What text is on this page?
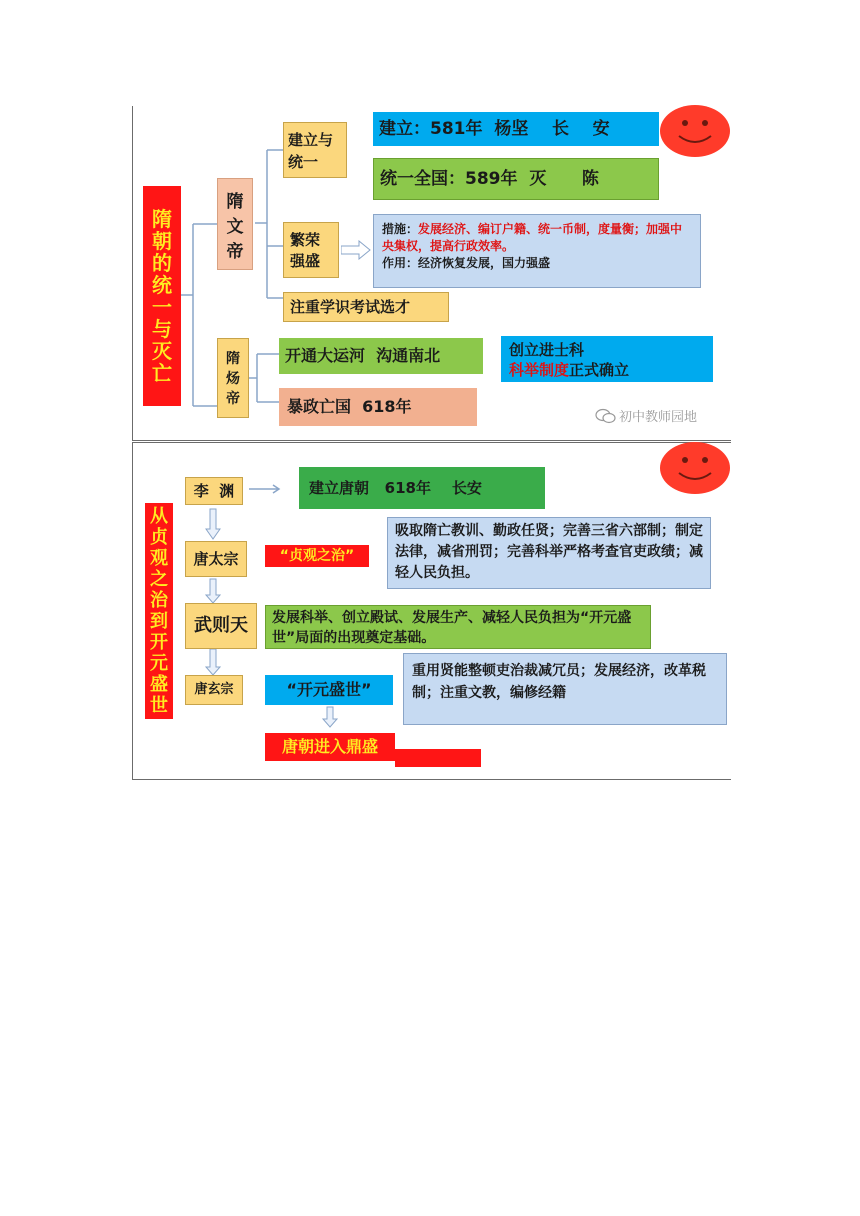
隋
朝
的
统
一
与
灭
亡
隋
文
帝
隋
炀
帝
建立与统一
建立：581年  杨坚    长    安
统一全国：589年  灭      陈
繁荣强盛
措施：发展经济、编订户籍、统一币制，度量衡；加强中央集权，提高行政效率。
作用：经济恢复发展，国力强盛
注重学识考试选才
开通大运河  沟通南北	创立进士科
科举制度正式确立
暴政亡国  618年
初中教师园地
从
贞
观
之
治
到
开
元
盛
世
李  渊	建立唐朝   618年    长安
唐太宗	“贞观之治”
吸取隋亡教训、勤政任贤；完善三省六部制；制定法律，减省刑罚；完善科举严格考查官吏政绩；减轻人民负担。
武则天	发展科举、创立殿试、发展生产、减轻人民负担为“开元盛世”局面的出现奠定基础。
唐玄宗	“开元盛世”
重用贤能整顿吏治裁减冗员；发展经济，改革税制；注重文教，编修经籍
唐朝进入鼎盛
